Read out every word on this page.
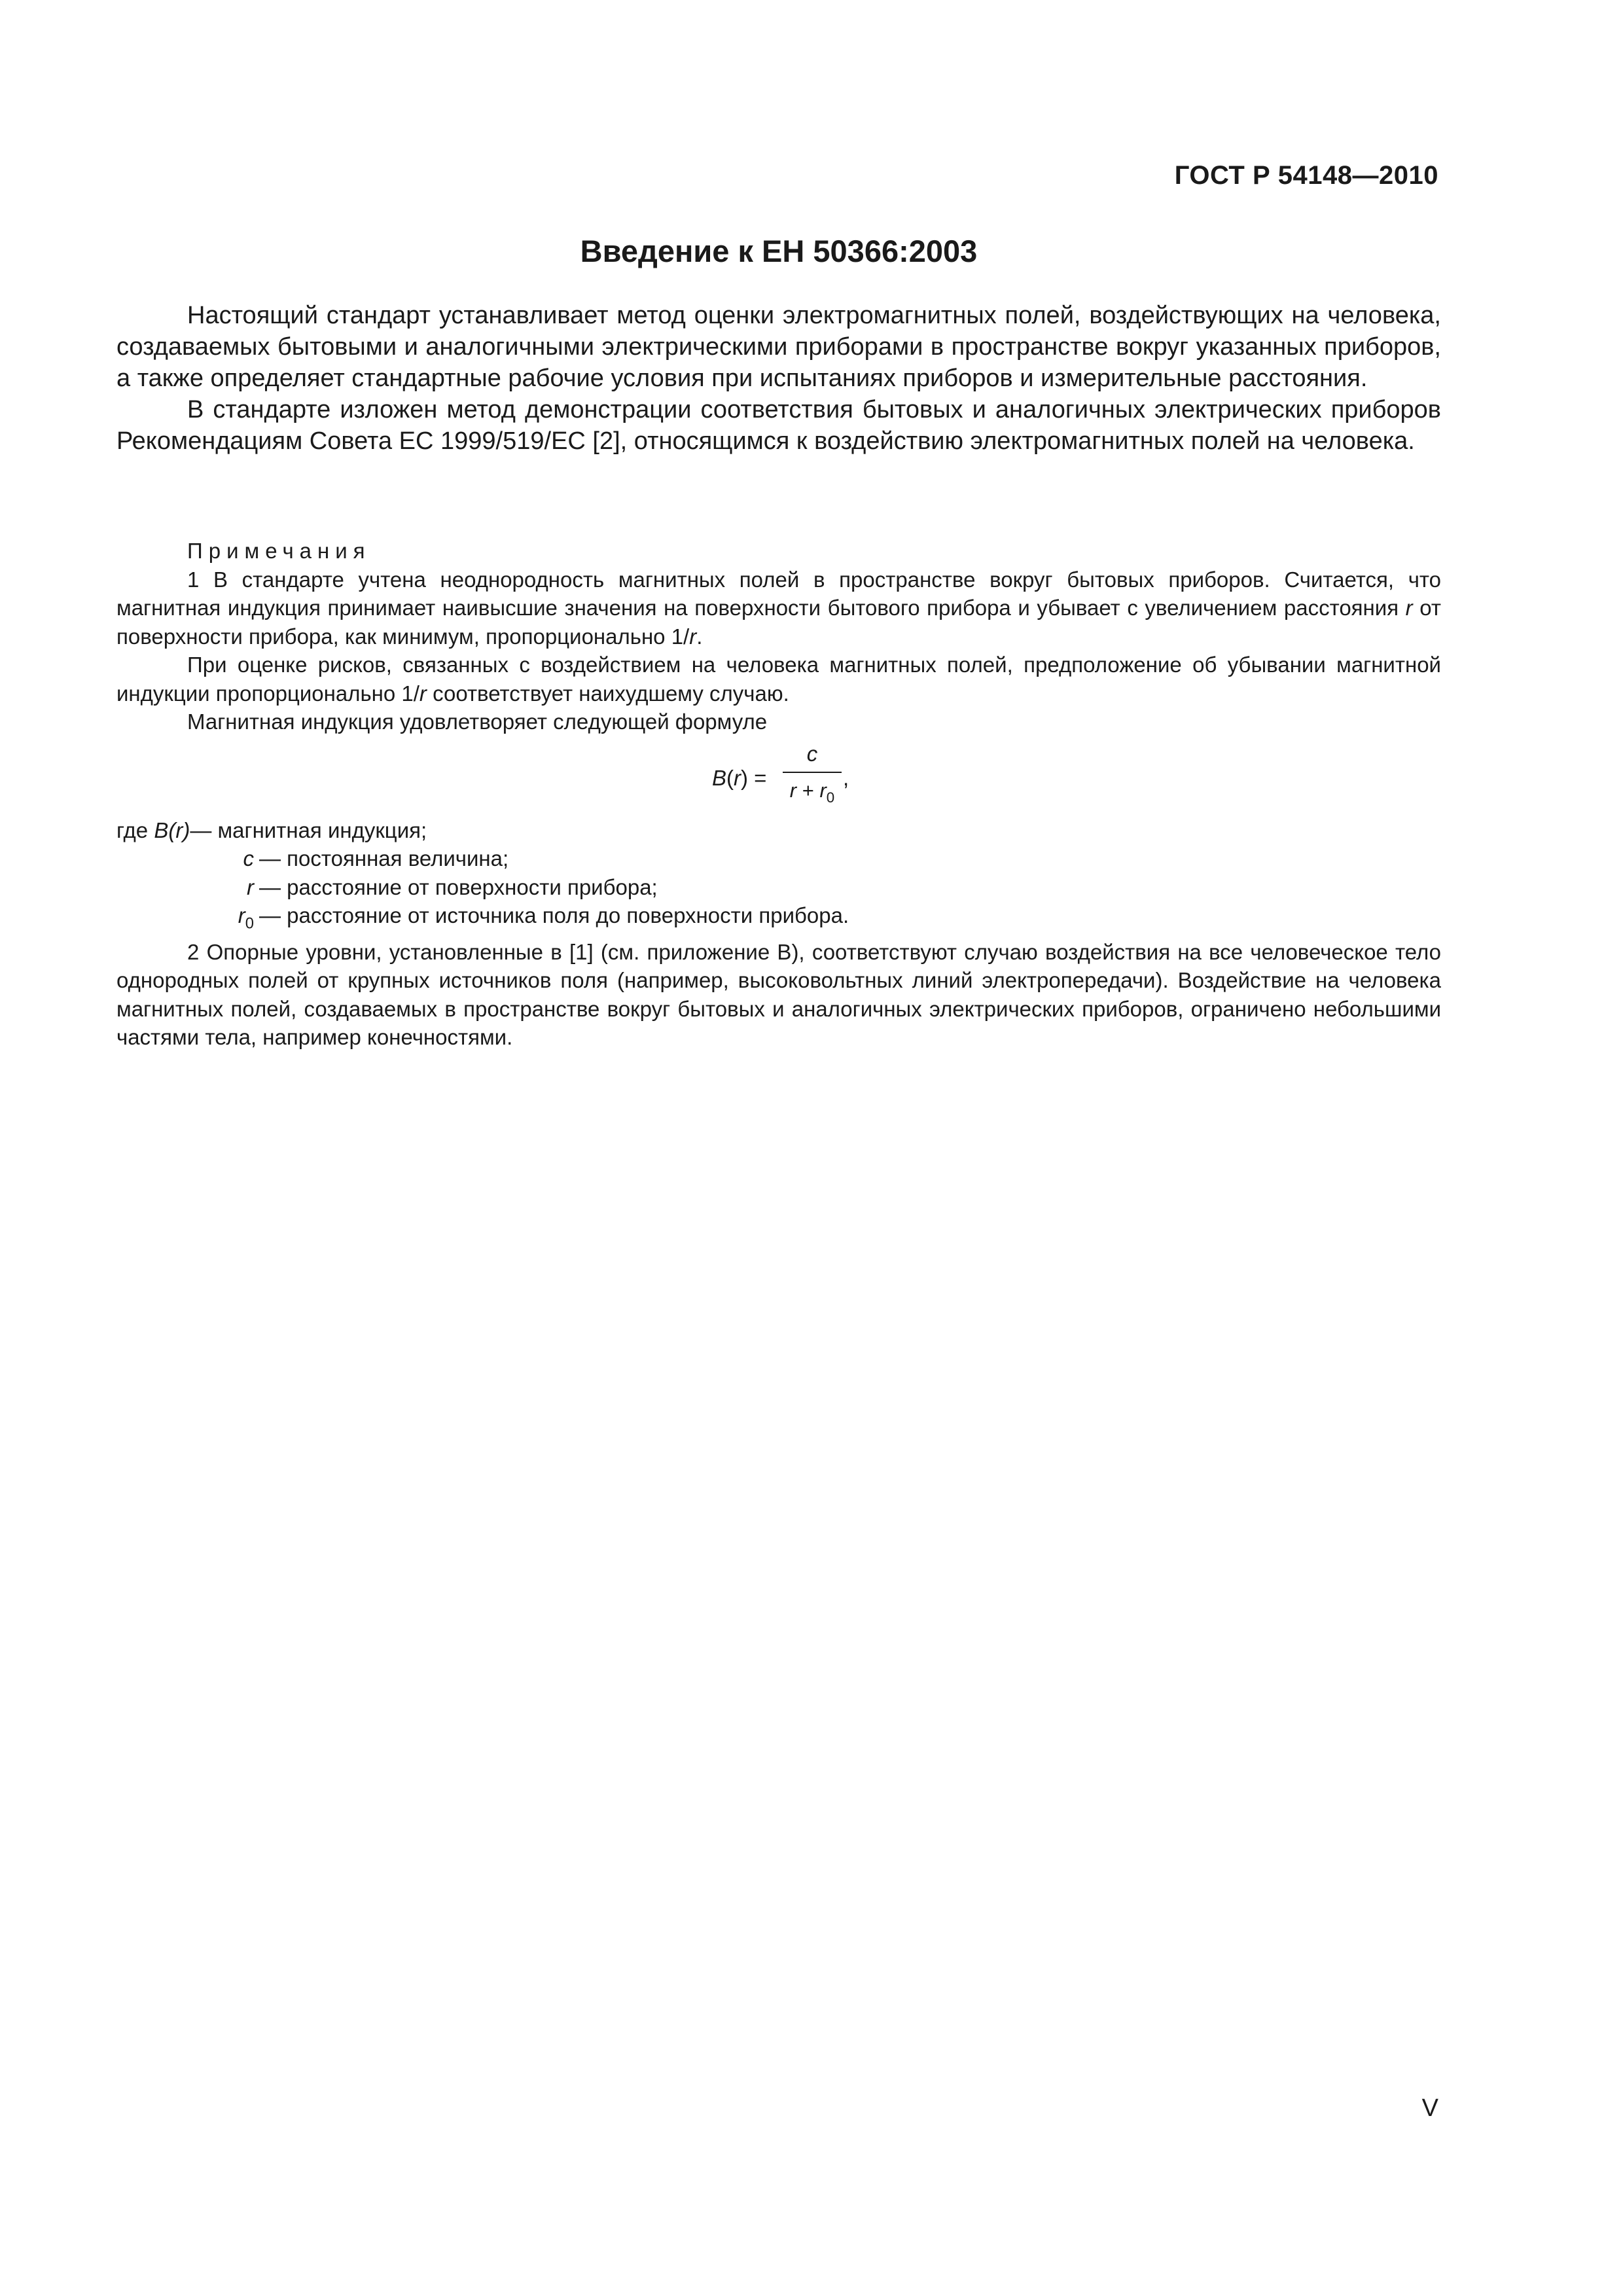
ГОСТ Р 54148—2010
Введение к ЕН 50366:2003

Настоящий стандарт устанавливает метод оценки электромагнитных полей, воздействующих на человека, создаваемых бытовыми и аналогичными электрическими приборами в пространстве вокруг указанных приборов, а также определяет стандартные рабочие условия при испытаниях приборов и измерительные расстояния.

В стандарте изложен метод демонстрации соответствия бытовых и аналогичных электрических приборов Рекомендациям Совета ЕС 1999/519/ЕС [2], относящимся к воздействию электромагнитных полей на человека.

Примечания

1 В стандарте учтена неоднородность магнитных полей в пространстве вокруг бытовых приборов. Считается, что магнитная индукция принимает наивысшие значения на поверхности бытового прибора и убывает с увеличением расстояния r от поверхности прибора, как минимум, пропорционально 1/r.

При оценке рисков, связанных с воздействием на человека магнитных полей, предположение об убывании магнитной индукции пропорционально 1/r соответствует наихудшему случаю.

Магнитная индукция удовлетворяет следующей формуле

B(r) =
c
$r + r_0$
,

где
B(r) — магнитная индукция;

c — постоянная величина;

r — расстояние от поверхности прибора;

$r_0$ — расстояние от источника поля до поверхности прибора.

2 Опорные уровни, установленные в [1] (см. приложение В), соответствуют случаю воздействия на все человеческое тело однородных полей от крупных источников поля (например, высоковольтных линий электропередачи). Воздействие на человека магнитных полей, создаваемых в пространстве вокруг бытовых и аналогичных электрических приборов, ограничено небольшими частями тела, например конечностями.

V
